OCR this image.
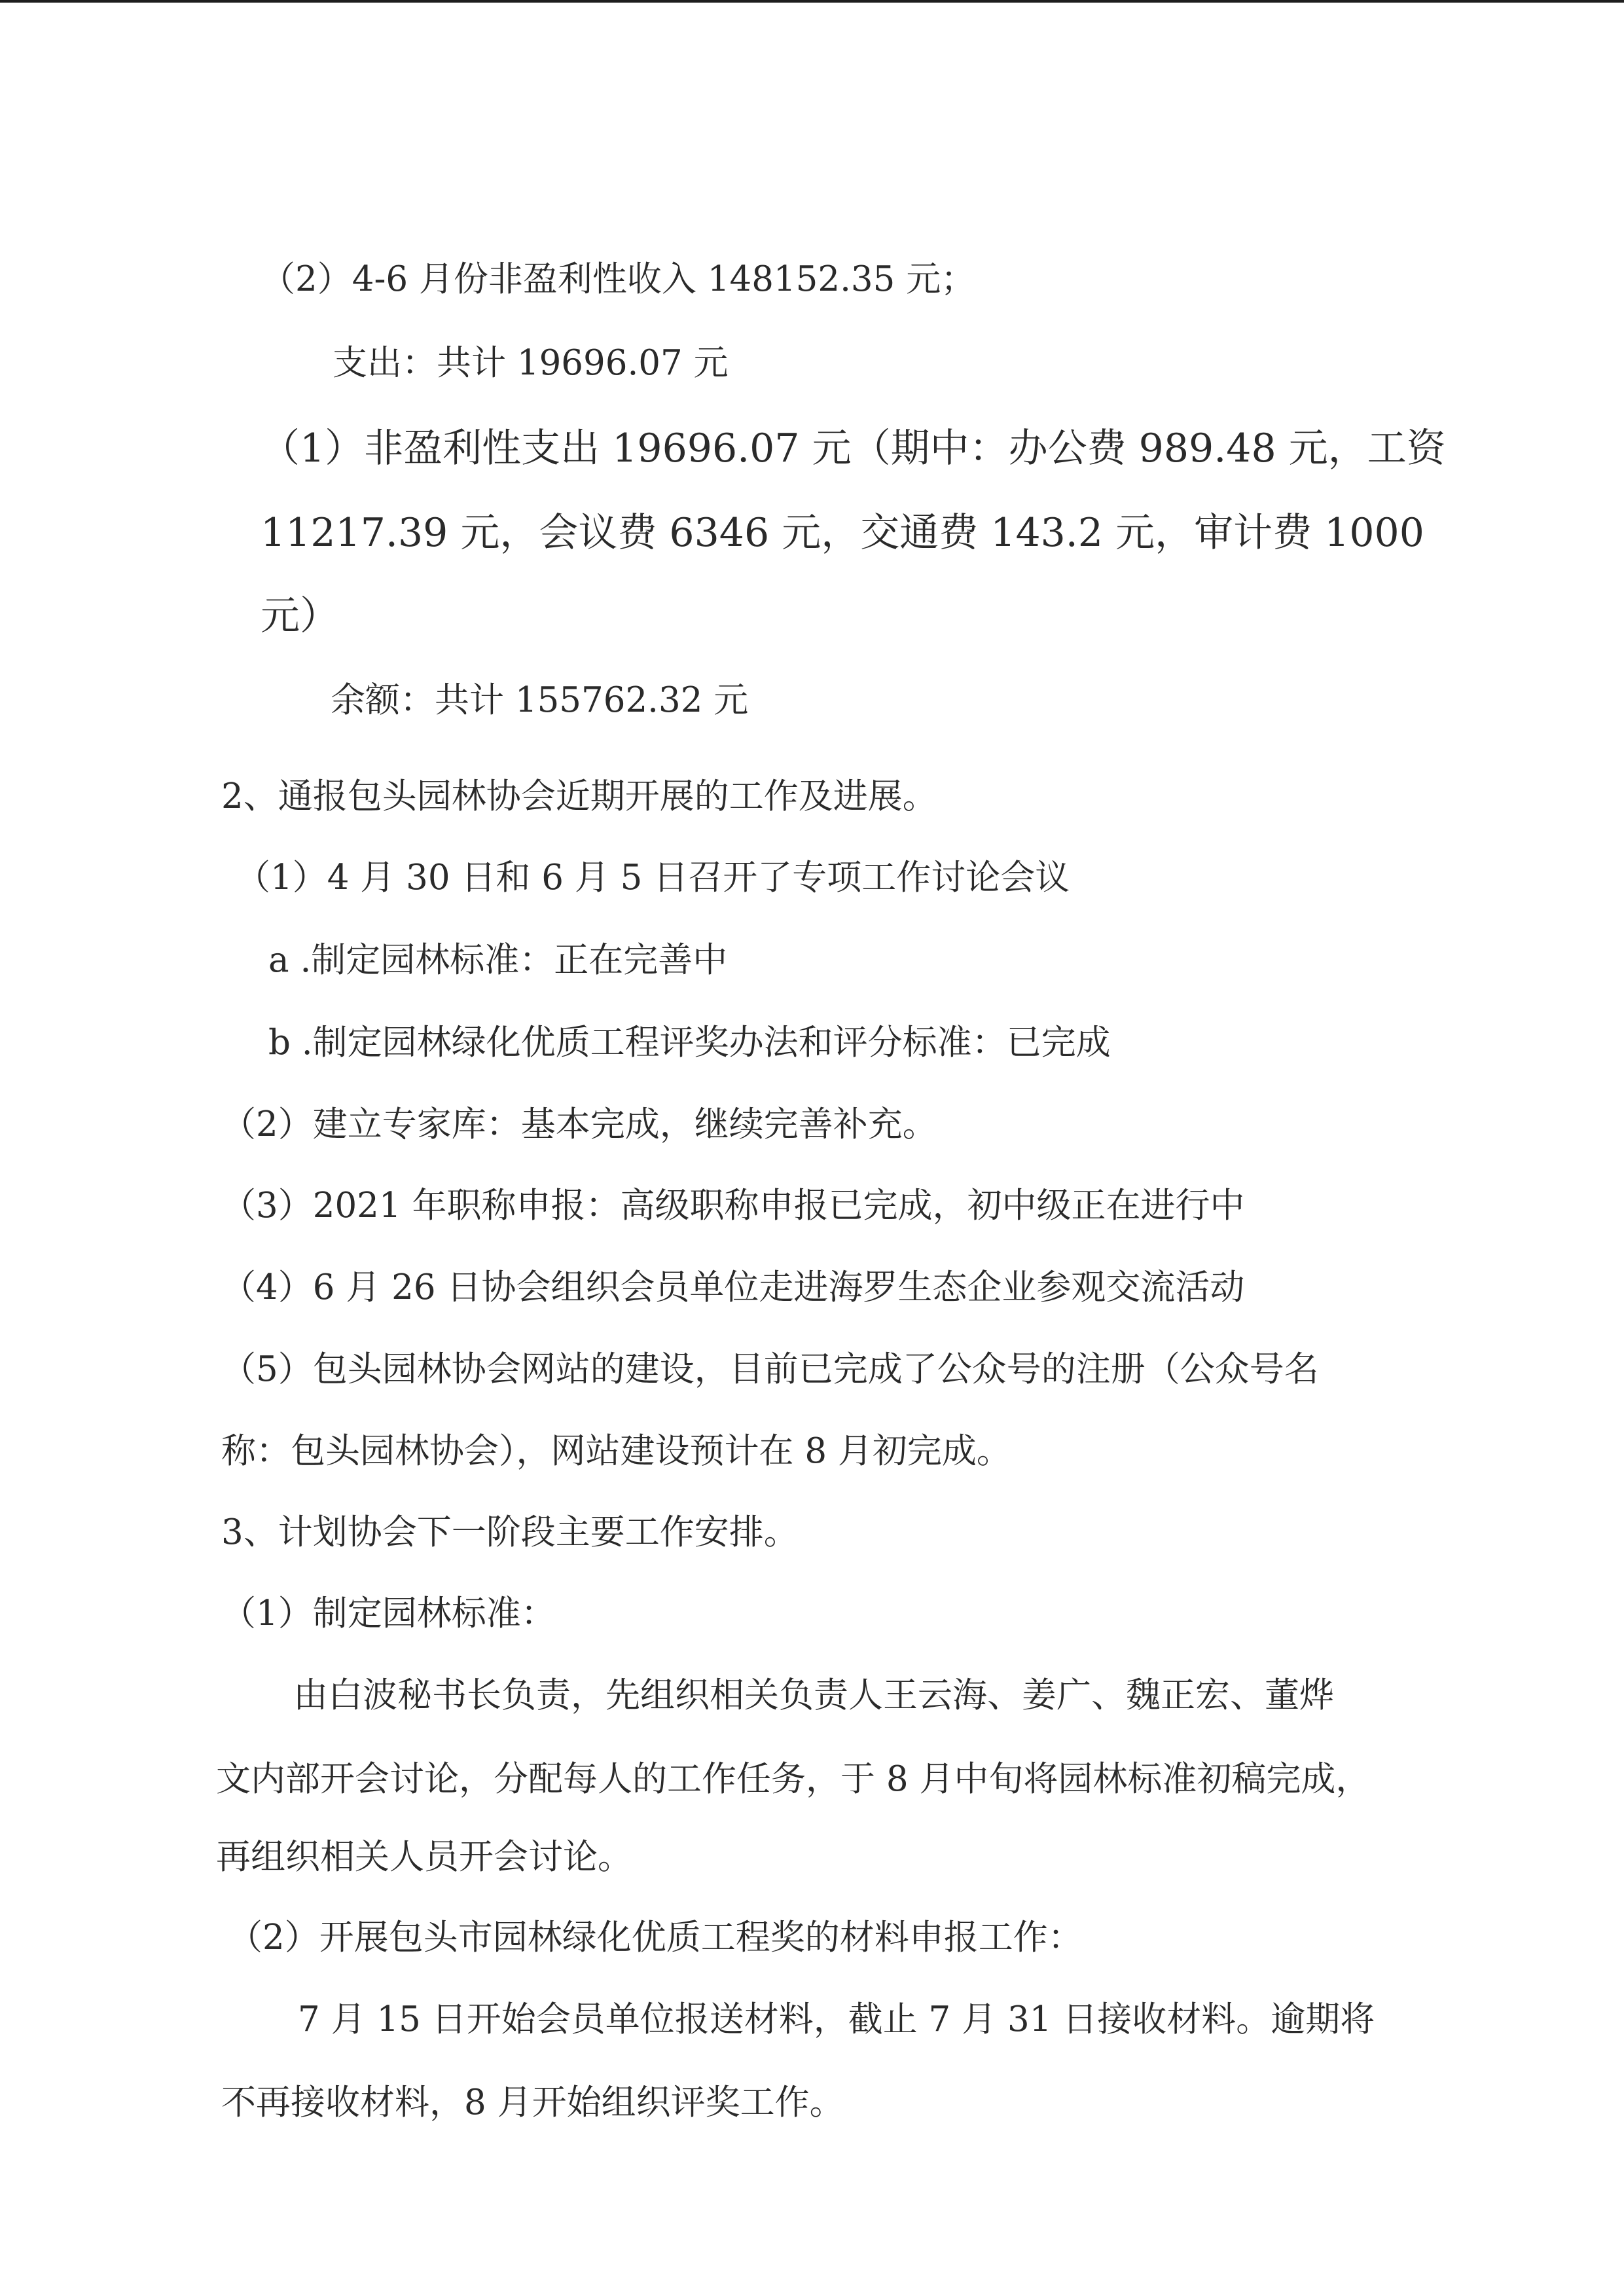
（2）4-6 月份非盈利性收入 148152.35 元；
支出：共计 19696.07 元
（1）非盈利性支出 19696.07 元（期中：办公费 989.48 元，工资
11217.39 元，会议费 6346 元，交通费 143.2 元，审计费 1000
元）
余额：共计 155762.32 元
2、通报包头园林协会近期开展的工作及进展。
（1）4 月 30 日和 6 月 5 日召开了专项工作讨论会议
a .制定园林标准：正在完善中
b .制定园林绿化优质工程评奖办法和评分标准：已完成
（2）建立专家库：基本完成，继续完善补充。
（3）2021 年职称申报：高级职称申报已完成，初中级正在进行中
（4）6 月 26 日协会组织会员单位走进海罗生态企业参观交流活动
（5）包头园林协会网站的建设，目前已完成了公众号的注册（公众号名
称：包头园林协会），网站建设预计在 8 月初完成。
3、计划协会下一阶段主要工作安排。
（1）制定园林标准：
由白波秘书长负责，先组织相关负责人王云海、姜广、魏正宏、董烨
文内部开会讨论，分配每人的工作任务，于 8 月中旬将园林标准初稿完成，
再组织相关人员开会讨论。
（2）开展包头市园林绿化优质工程奖的材料申报工作：
7 月 15 日开始会员单位报送材料，截止 7 月 31 日接收材料。逾期将
不再接收材料，8 月开始组织评奖工作。
